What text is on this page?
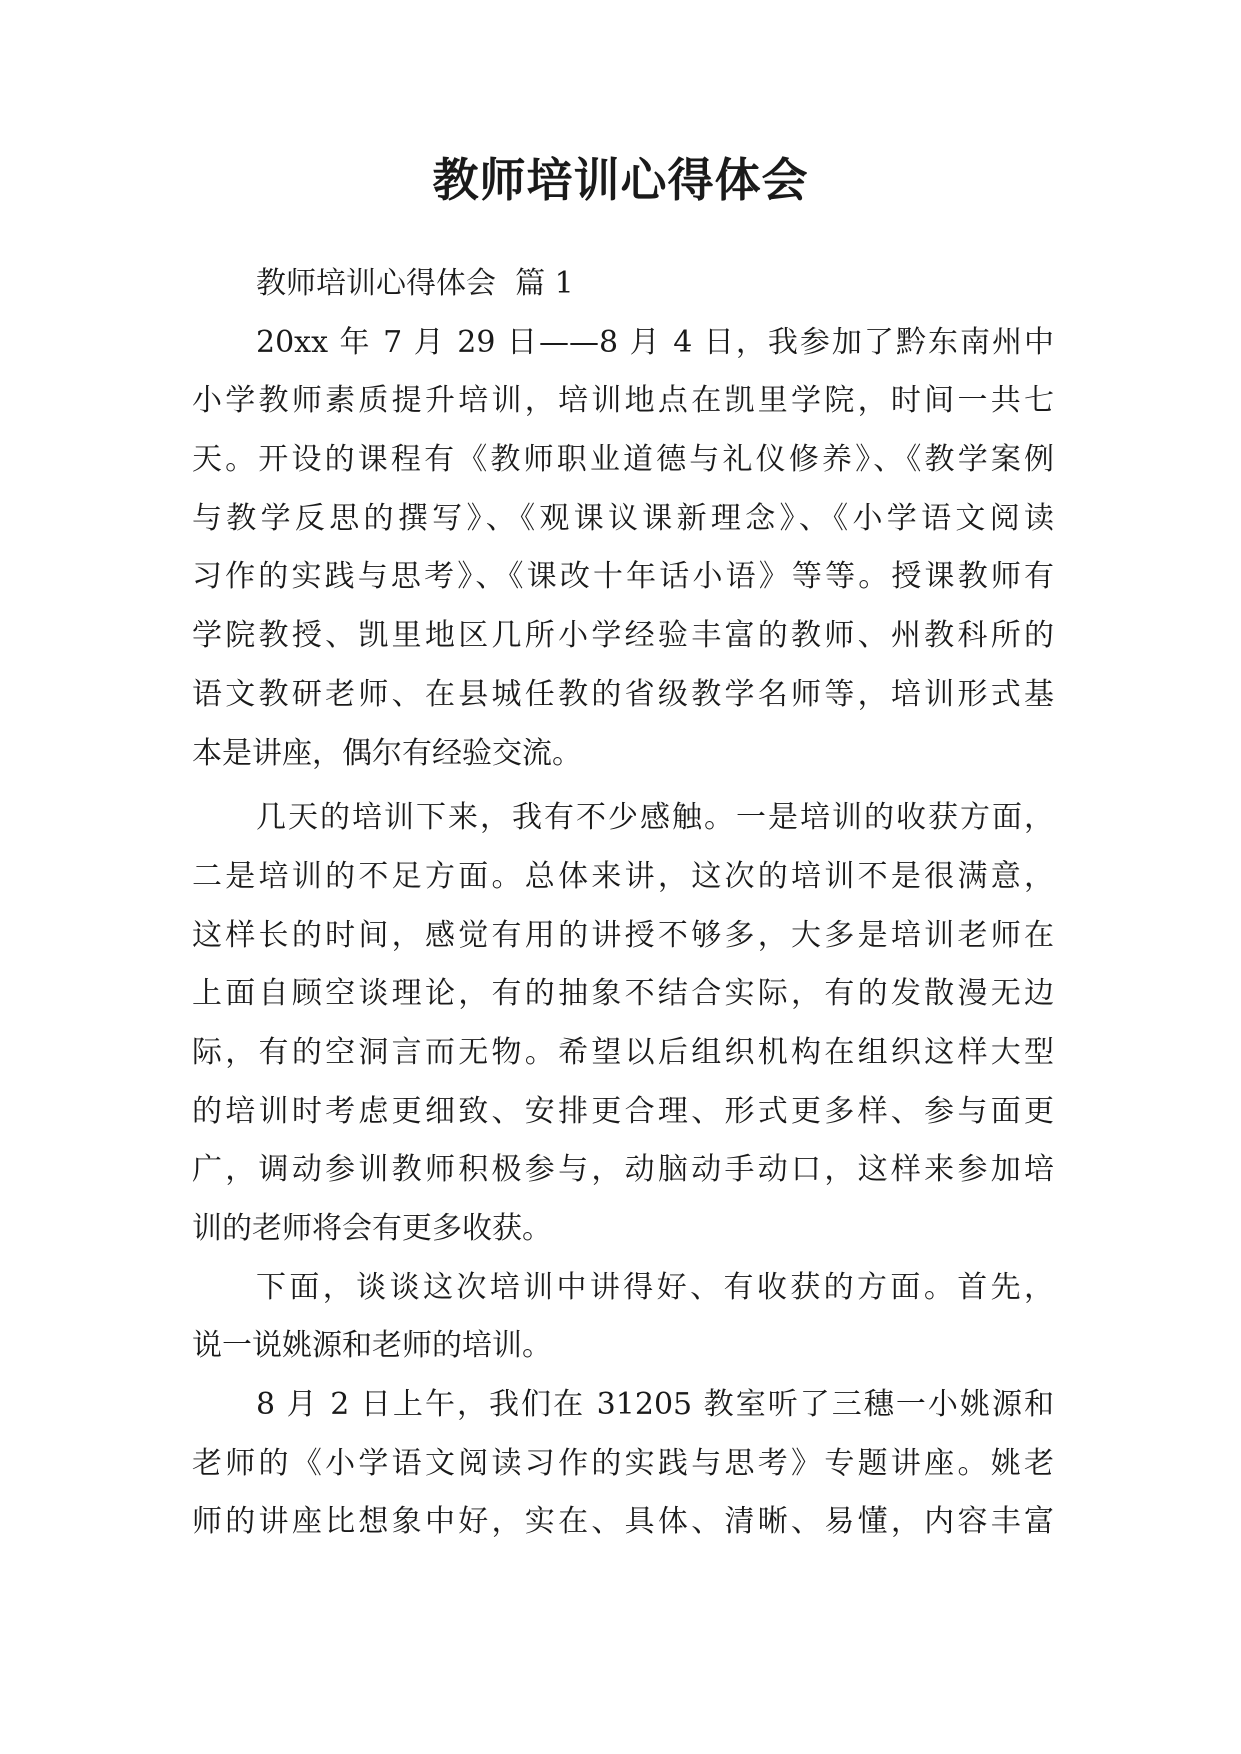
教师培训心得体会
教师培训心得体会  篇 1
20xx 年 7 月 29 日——8 月 4 日，我参加了黔东南州中
小学教师素质提升培训，培训地点在凯里学院，时间一共七
天。开设的课程有《教师职业道德与礼仪修养》、《教学案例
与教学反思的撰写》、《观课议课新理念》、《小学语文阅读
习作的实践与思考》、《课改十年话小语》等等。授课教师有
学院教授、凯里地区几所小学经验丰富的教师、州教科所的
语文教研老师、在县城任教的省级教学名师等，培训形式基
本是讲座，偶尔有经验交流。
几天的培训下来，我有不少感触。一是培训的收获方面，
二是培训的不足方面。总体来讲，这次的培训不是很满意，
这样长的时间，感觉有用的讲授不够多，大多是培训老师在
上面自顾空谈理论，有的抽象不结合实际，有的发散漫无边
际，有的空洞言而无物。希望以后组织机构在组织这样大型
的培训时考虑更细致、安排更合理、形式更多样、参与面更
广，调动参训教师积极参与，动脑动手动口，这样来参加培
训的老师将会有更多收获。
下面，谈谈这次培训中讲得好、有收获的方面。首先，
说一说姚源和老师的培训。
8 月 2 日上午，我们在 31205 教室听了三穗一小姚源和
老师的《小学语文阅读习作的实践与思考》专题讲座。姚老
师的讲座比想象中好，实在、具体、清晰、易懂，内容丰富
